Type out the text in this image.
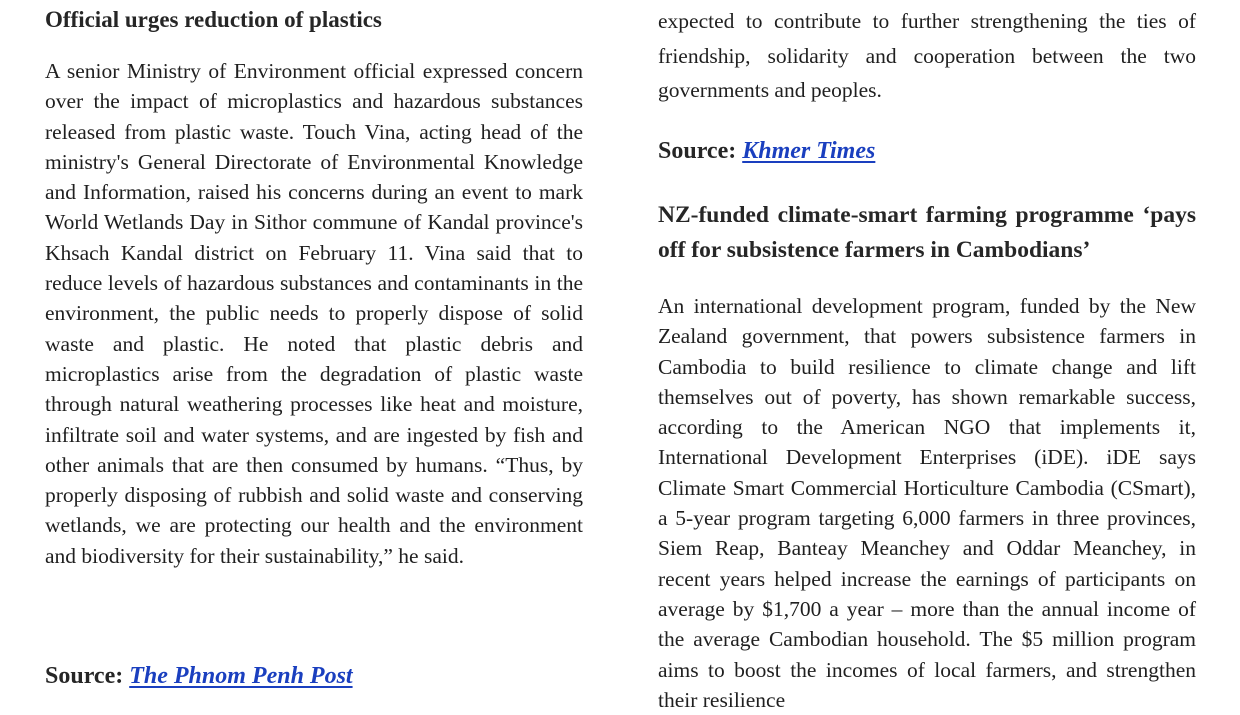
Official urges reduction of plastics

A senior Ministry of Environment official expressed concern over the impact of microplastics and hazardous substances released from plastic waste. Touch Vina, acting head of the ministry's General Directorate of Environmental Knowledge and Information, raised his concerns during an event to mark World Wetlands Day in Sithor commune of Kandal province's Khsach Kandal district on February 11. Vina said that to reduce levels of hazardous substances and contaminants in the environment, the public needs to properly dispose of solid waste and plastic. He noted that plastic debris and microplastics arise from the degradation of plastic waste through natural weathering processes like heat and moisture, infiltrate soil and water systems, and are ingested by fish and other animals that are then consumed by humans. “Thus, by properly disposing of rubbish and solid waste and conserving wetlands, we are protecting our health and the environment and biodiversity for their sustainability,” he said.

Source: The Phnom Penh Post

expected to contribute to further strengthening the ties of friendship, solidarity and cooperation between the two governments and peoples.

Source: Khmer Times

NZ-funded climate-smart farming programme ‘pays off for subsistence farmers in Cambodians’

An international development program, funded by the New Zealand government, that powers subsistence farmers in Cambodia to build resilience to climate change and lift themselves out of poverty, has shown remarkable success, according to the American NGO that implements it, International Development Enterprises (iDE). iDE says Climate Smart Commercial Horticulture Cambodia (CSmart), a 5-year program targeting 6,000 farmers in three provinces, Siem Reap, Banteay Meanchey and Oddar Meanchey, in recent years helped increase the earnings of participants on average by $1,700 a year – more than the annual income of the average Cambodian household. The $5 million program aims to boost the incomes of local farmers, and strengthen their resilience
